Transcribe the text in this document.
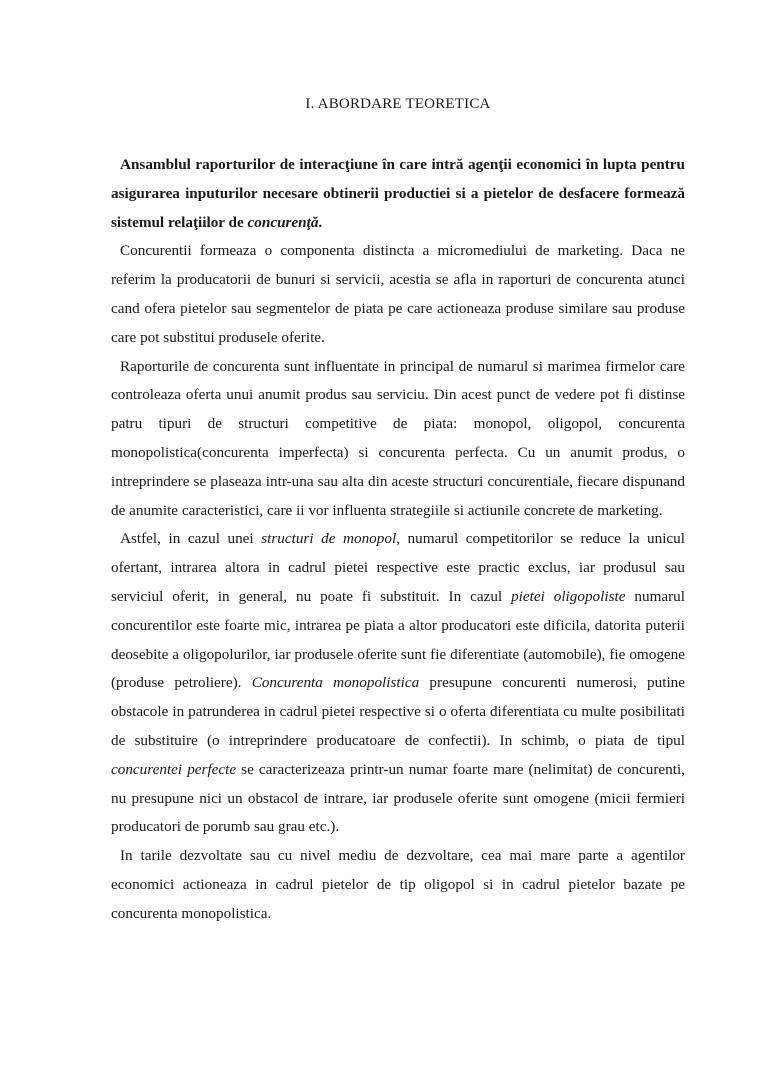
I. ABORDARE TEORETICA

Ansamblul raporturilor de interacţiune în care intră agenţii economici în lupta pentru asigurarea inputurilor necesare obtinerii productiei si a pietelor de desfacere formează sistemul relaţiilor de concurenţă.

Concurentii formeaza o componenta distincta a micromediului de marketing. Daca ne referim la producatorii de bunuri si servicii, acestia se afla in raporturi de concurenta atunci cand ofera pietelor sau segmentelor de piata pe care actioneaza produse similare sau produse care pot substitui produsele oferite.

Raporturile de concurenta sunt influentate in principal de numarul si marimea firmelor care controleaza oferta unui anumit produs sau serviciu. Din acest punct de vedere pot fi distinse patru tipuri de structuri competitive de piata: monopol, oligopol, concurenta monopolistica(concurenta imperfecta) si concurenta perfecta. Cu un anumit produs, o intreprindere se plaseaza intr-una sau alta din aceste structuri concurentiale, fiecare dispunand de anumite caracteristici, care ii vor influenta strategiile si actiunile concrete de marketing.

Astfel, in cazul unei structuri de monopol, numarul competitorilor se reduce la unicul ofertant, intrarea altora in cadrul pietei respective este practic exclus, iar produsul sau serviciul oferit, in general, nu poate fi substituit. In cazul pietei oligopoliste numarul concurentilor este foarte mic, intrarea pe piata a altor producatori este dificila, datorita puterii deosebite a oligopolurilor, iar produsele oferite sunt fie diferentiate (automobile), fie omogene (produse petroliere). Concurenta monopolistica presupune concurenti numerosi, putine obstacole in patrunderea in cadrul pietei respective si o oferta diferentiata cu multe posibilitati de substituire (o intreprindere producatoare de confectii). In schimb, o piata de tipul concurentei perfecte se caracterizeaza printr-un numar foarte mare (nelimitat) de concurenti, nu presupune nici un obstacol de intrare, iar produsele oferite sunt omogene (micii fermieri producatori de porumb sau grau etc.).

In tarile dezvoltate sau cu nivel mediu de dezvoltare, cea mai mare parte a agentilor economici actioneaza in cadrul pietelor de tip oligopol si in cadrul pietelor bazate pe concurenta monopolistica.
